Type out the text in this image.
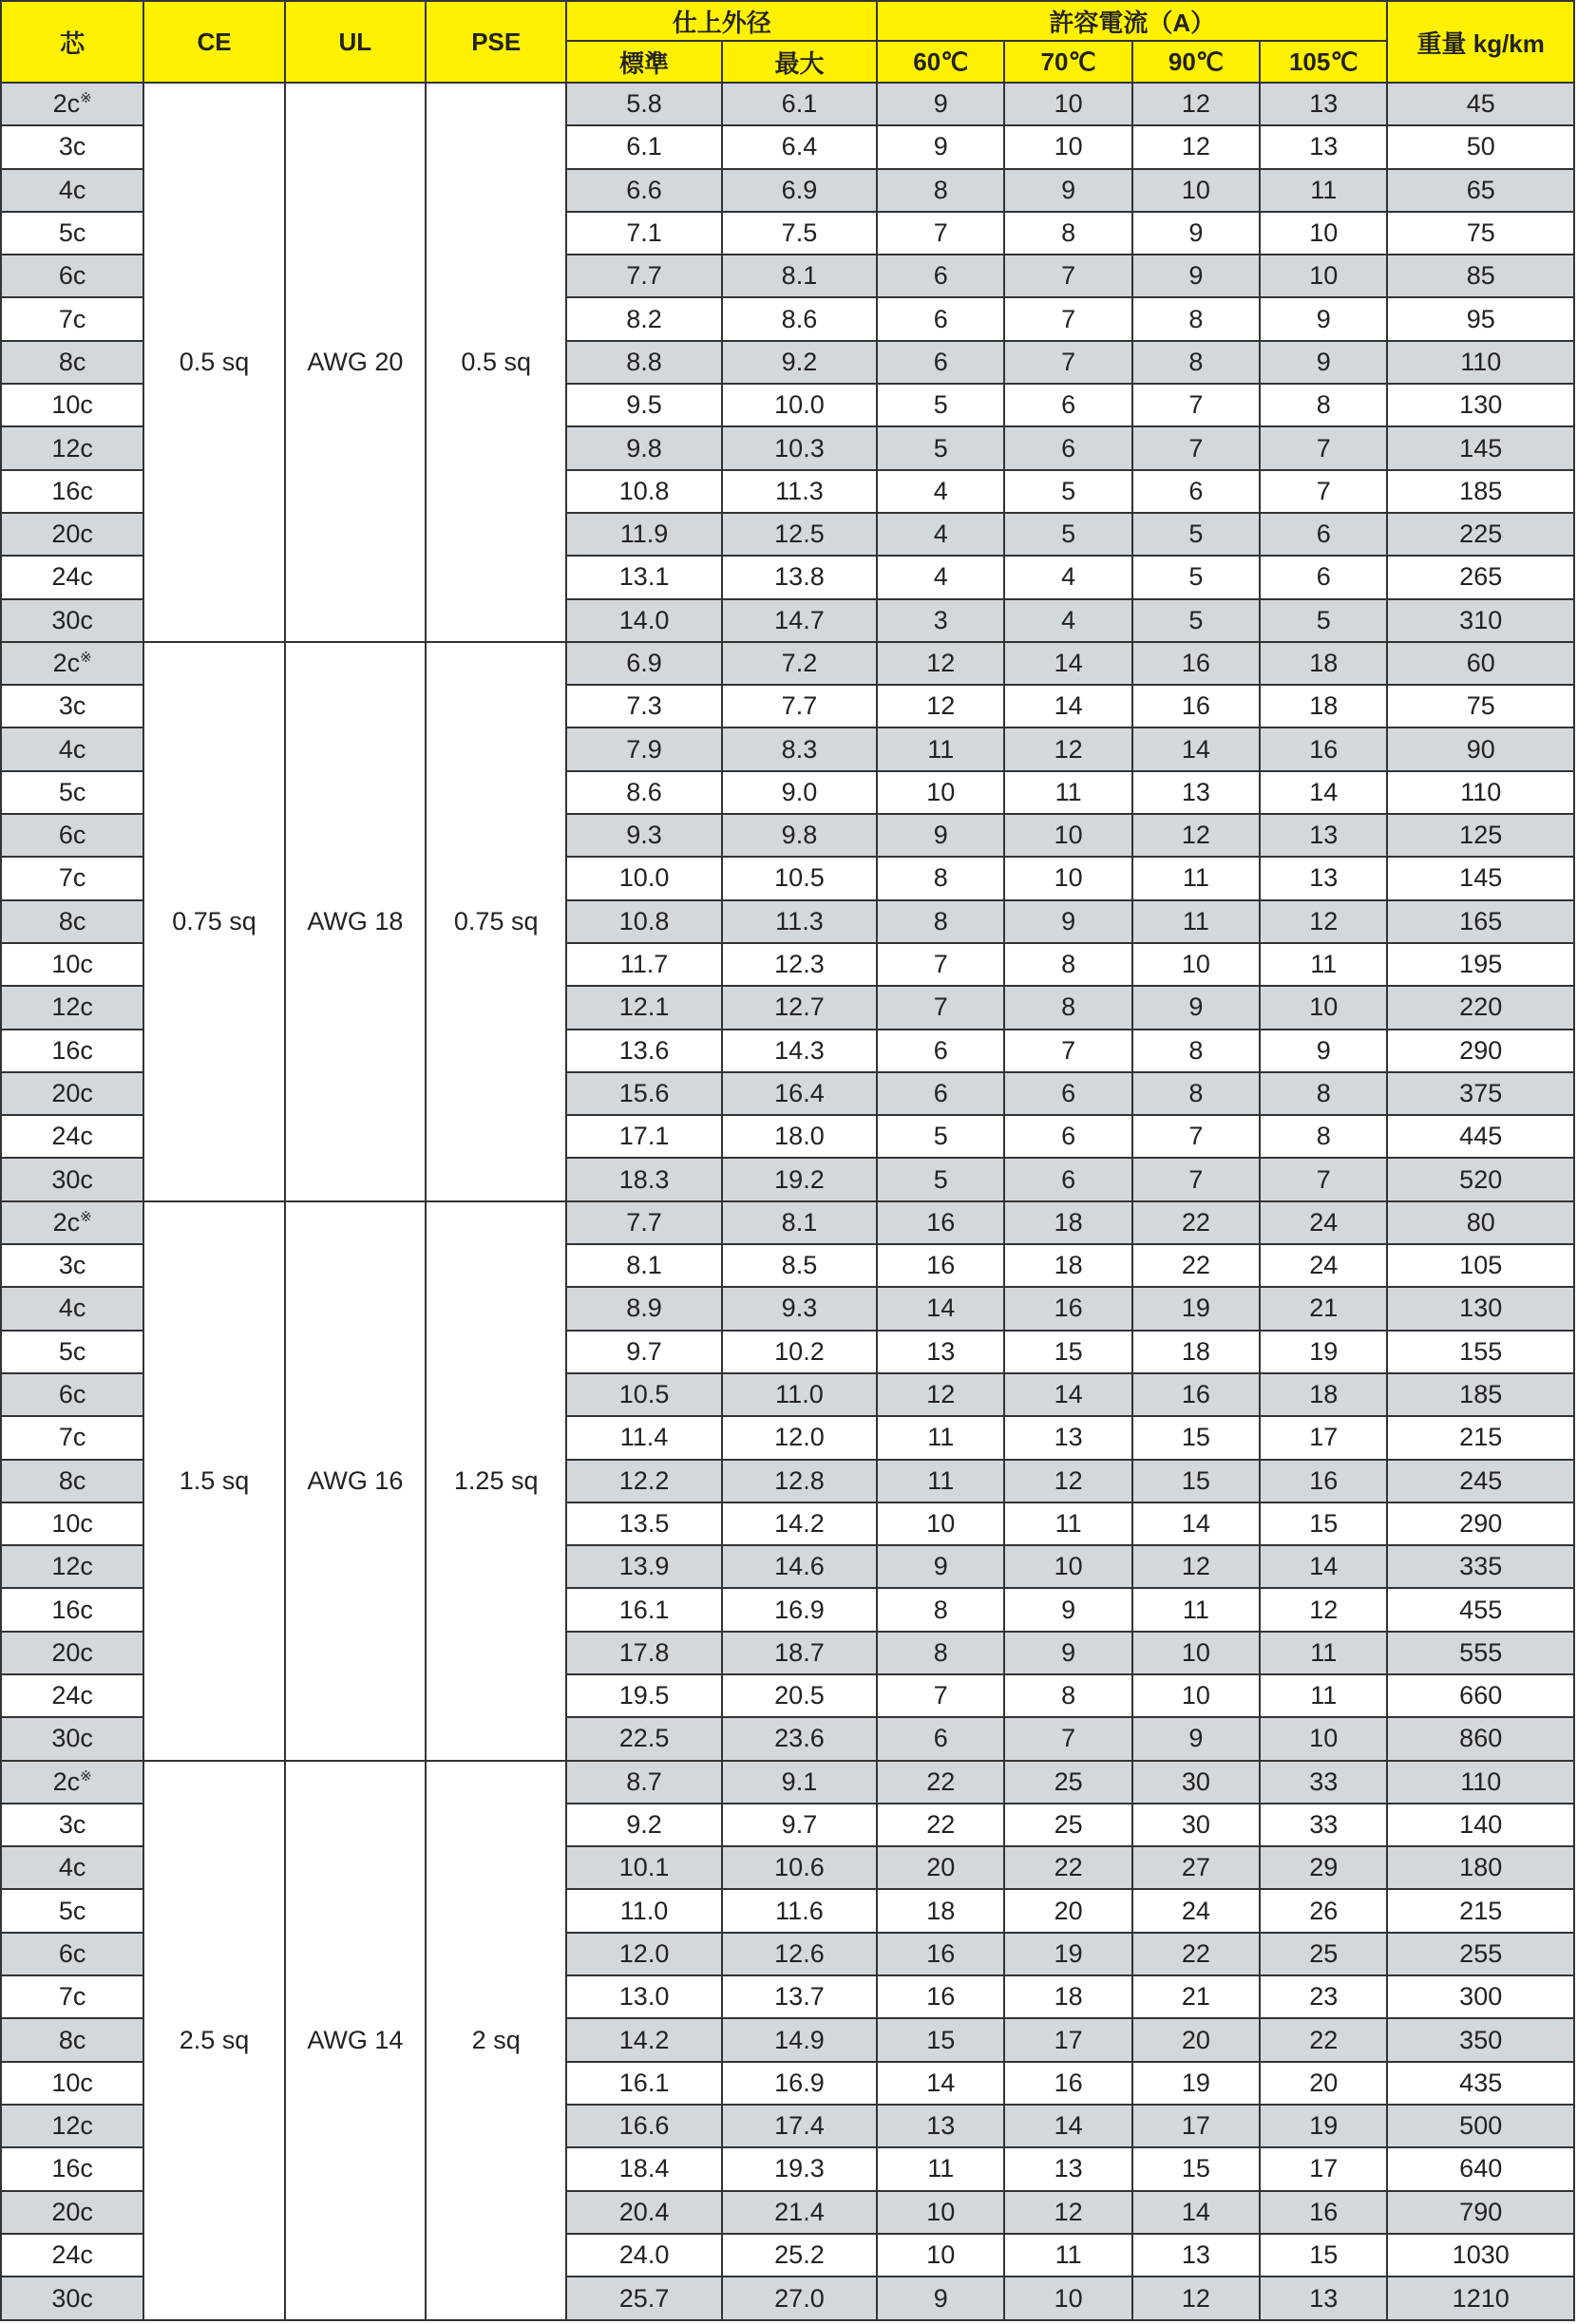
芯	CE	UL	PSE	仕上外径		許容電流（A）				重量 kg/km
				標準	最大	60℃	70℃	90℃	105℃	
2c※	0.5 sq	AWG 20	0.5 sq	5.8	6.1	9	10	12	13	45
3c				6.1	6.4	9	10	12	13	50
4c				6.6	6.9	8	9	10	11	65
5c				7.1	7.5	7	8	9	10	75
6c				7.7	8.1	6	7	9	10	85
7c				8.2	8.6	6	7	8	9	95
8c				8.8	9.2	6	7	8	9	110
10c				9.5	10.0	5	6	7	8	130
12c				9.8	10.3	5	6	7	7	145
16c				10.8	11.3	4	5	6	7	185
20c				11.9	12.5	4	5	5	6	225
24c				13.1	13.8	4	4	5	6	265
30c				14.0	14.7	3	4	5	5	310
2c※	0.75 sq	AWG 18	0.75 sq	6.9	7.2	12	14	16	18	60
3c				7.3	7.7	12	14	16	18	75
4c				7.9	8.3	11	12	14	16	90
5c				8.6	9.0	10	11	13	14	110
6c				9.3	9.8	9	10	12	13	125
7c				10.0	10.5	8	10	11	13	145
8c				10.8	11.3	8	9	11	12	165
10c				11.7	12.3	7	8	10	11	195
12c				12.1	12.7	7	8	9	10	220
16c				13.6	14.3	6	7	8	9	290
20c				15.6	16.4	6	6	8	8	375
24c				17.1	18.0	5	6	7	8	445
30c				18.3	19.2	5	6	7	7	520
2c※	1.5 sq	AWG 16	1.25 sq	7.7	8.1	16	18	22	24	80
3c				8.1	8.5	16	18	22	24	105
4c				8.9	9.3	14	16	19	21	130
5c				9.7	10.2	13	15	18	19	155
6c				10.5	11.0	12	14	16	18	185
7c				11.4	12.0	11	13	15	17	215
8c				12.2	12.8	11	12	15	16	245
10c				13.5	14.2	10	11	14	15	290
12c				13.9	14.6	9	10	12	14	335
16c				16.1	16.9	8	9	11	12	455
20c				17.8	18.7	8	9	10	11	555
24c				19.5	20.5	7	8	10	11	660
30c				22.5	23.6	6	7	9	10	860
2c※	2.5 sq	AWG 14	2 sq	8.7	9.1	22	25	30	33	110
3c				9.2	9.7	22	25	30	33	140
4c				10.1	10.6	20	22	27	29	180
5c				11.0	11.6	18	20	24	26	215
6c				12.0	12.6	16	19	22	25	255
7c				13.0	13.7	16	18	21	23	300
8c				14.2	14.9	15	17	20	22	350
10c				16.1	16.9	14	16	19	20	435
12c				16.6	17.4	13	14	17	19	500
16c				18.4	19.3	11	13	15	17	640
20c				20.4	21.4	10	12	14	16	790
24c				24.0	25.2	10	11	13	15	1030
30c				25.7	27.0	9	10	12	13	1210
